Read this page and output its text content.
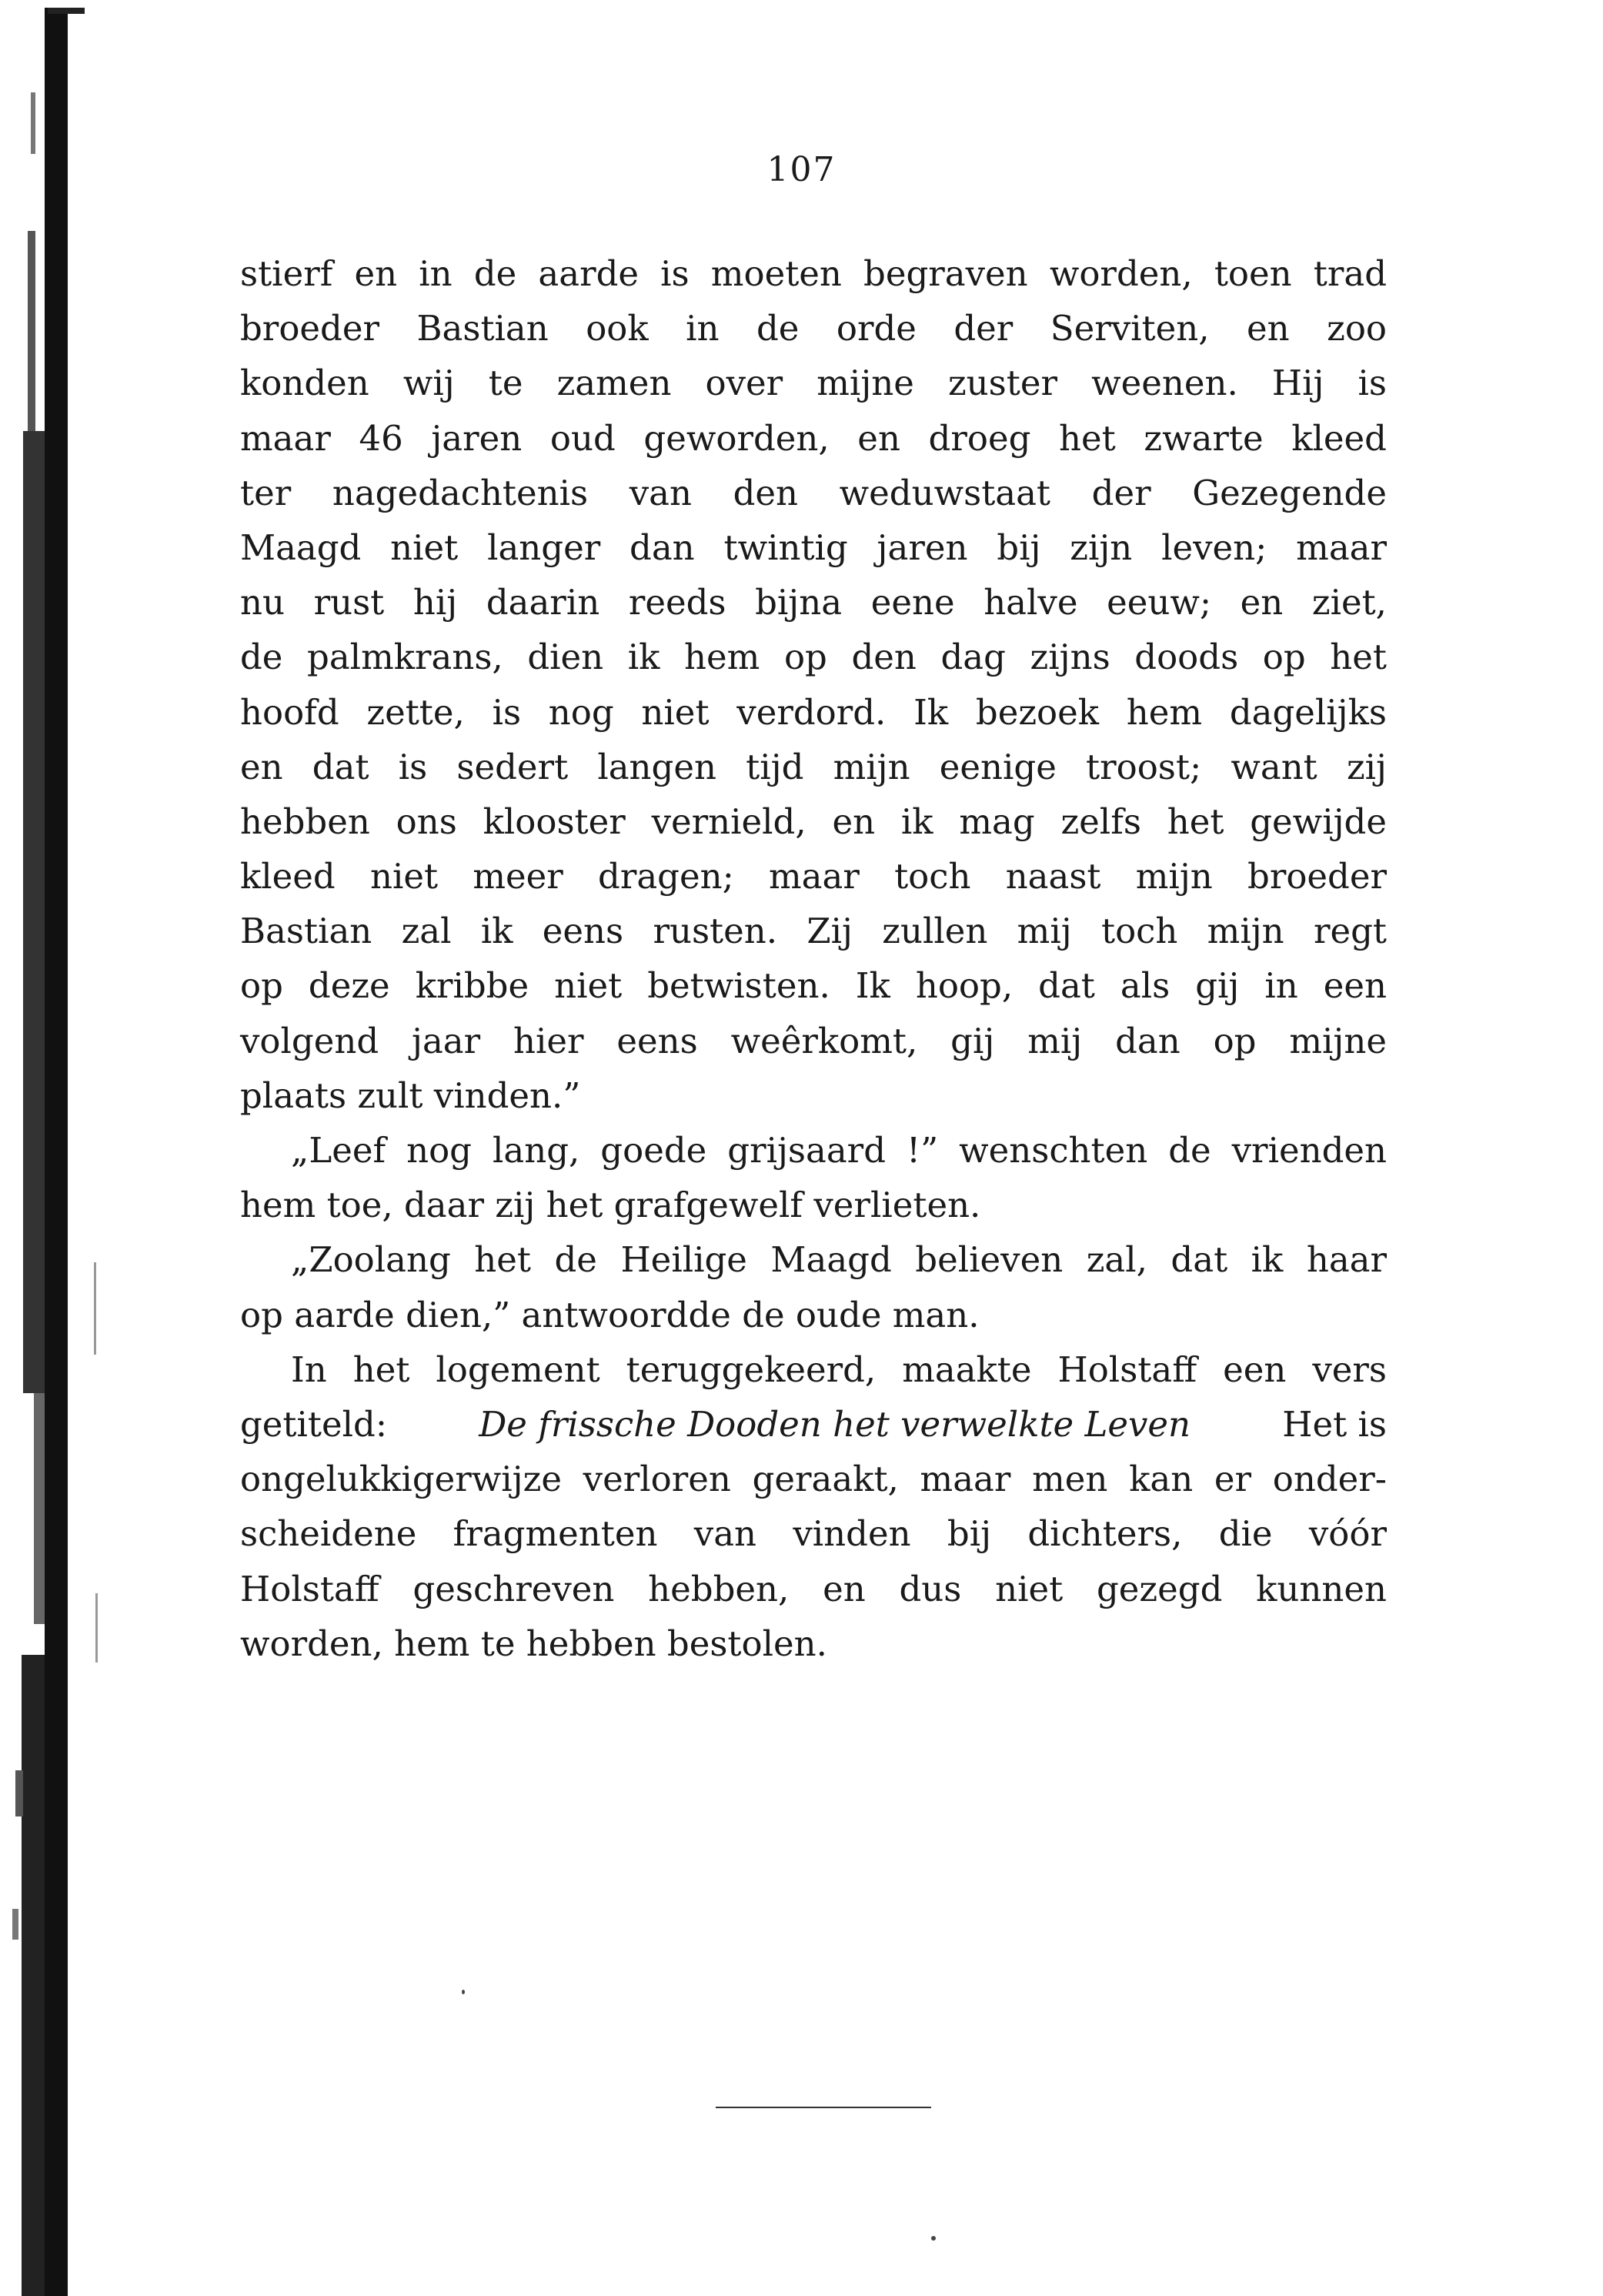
107
stierf en in de aarde is moeten begraven worden, toen trad
broeder Bastian ook in de orde der Serviten, en zoo
konden wij te zamen over mijne zuster weenen. Hij is
maar 46 jaren oud geworden, en droeg het zwarte kleed
ter nagedachtenis van den weduwstaat der Gezegende
Maagd niet langer dan twintig jaren bij zijn leven; maar
nu rust hij daarin reeds bijna eene halve eeuw; en ziet,
de palmkrans, dien ik hem op den dag zijns doods op het
hoofd zette, is nog niet verdord. Ik bezoek hem dagelijks
en dat is sedert langen tijd mijn eenige troost; want zij
hebben ons klooster vernield, en ik mag zelfs het gewijde
kleed niet meer dragen; maar toch naast mijn broeder
Bastian zal ik eens rusten. Zij zullen mij toch mijn regt
op deze kribbe niet betwisten. Ik hoop, dat als gij in een
volgend jaar hier eens weêrkomt, gij mij dan op mijne
plaats zult vinden.”
„Leef nog lang, goede grijsaard !” wenschten de vrienden
hem toe, daar zij het grafgewelf verlieten.
„Zoolang het de Heilige Maagd believen zal, dat ik haar
op aarde dien,” antwoordde de oude man.
In het logement teruggekeerd, maakte Holstaff een vers
getiteld:	De frissche Dooden het verwelkte Leven	Het is
ongelukkigerwijze verloren geraakt, maar men kan er onder-
scheidene fragmenten van vinden bij dichters, die vóór
Holstaff geschreven hebben, en dus niet gezegd kunnen
worden, hem te hebben bestolen.
